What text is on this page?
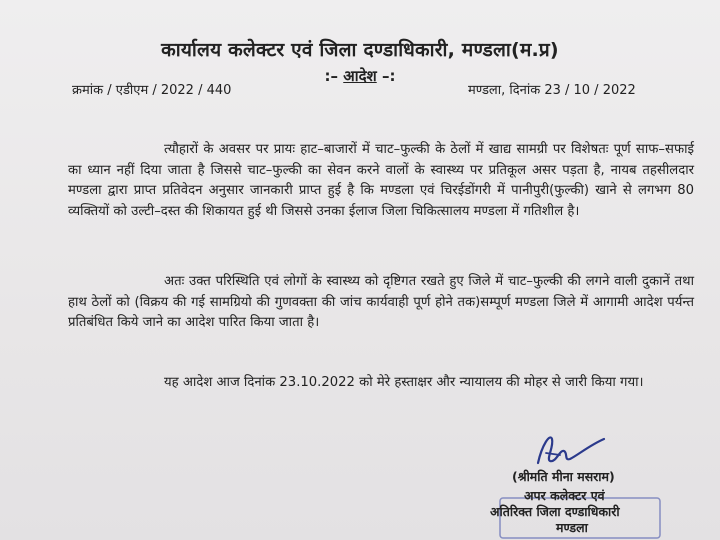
कार्यालय कलेक्टर एवं जिला दण्डाधिकारी, मण्डला(म.प्र)
:– आदेश –:
क्रमांक / एडीएम / 2022 / 440	मण्डला, दिनांक 23 / 10 / 2022
त्यौहारों के अवसर पर प्रायः हाट–बाजारों में चाट–फुल्की के ठेलों में खाद्य सामग्री पर विशेषतः पूर्ण साफ–सफाई का ध्यान नहीं दिया जाता है जिससे चाट–फुल्की का सेवन करने वालों के स्वास्थ्य पर प्रतिकूल असर पड़ता है, नायब तहसीलदार मण्डला द्वारा प्राप्त प्रतिवेदन अनुसार जानकारी प्राप्त हुई है कि मण्डला एवं चिरईडोंगरी में पानीपुरी(फुल्की) खाने से लगभग 80 व्यक्तियों को उल्टी–दस्त की शिकायत हुई थी जिससे उनका ईलाज जिला चिकित्सालय मण्डला में गतिशील है।
अतः उक्त परिस्थिति एवं लोगों के स्वास्थ्य को दृष्टिगत रखते हुए जिले में चाट–फुल्की की लगने वाली दुकानें तथा हाथ ठेलों को (विक्रय की गई सामग्रियो की गुणवक्ता की जांच कार्यवाही पूर्ण होने तक)सम्पूर्ण मण्डला जिले में आगामी आदेश पर्यन्त प्रतिबंधित किये जाने का आदेश पारित किया जाता है।
यह आदेश आज दिनांक 23.10.2022 को मेरे हस्ताक्षर और न्यायालय की मोहर से जारी किया गया।
(श्रीमति मीना मसराम)
अपर कलेक्टर एवं
अतिरिक्त जिला दण्डाधिकारी
मण्डला
